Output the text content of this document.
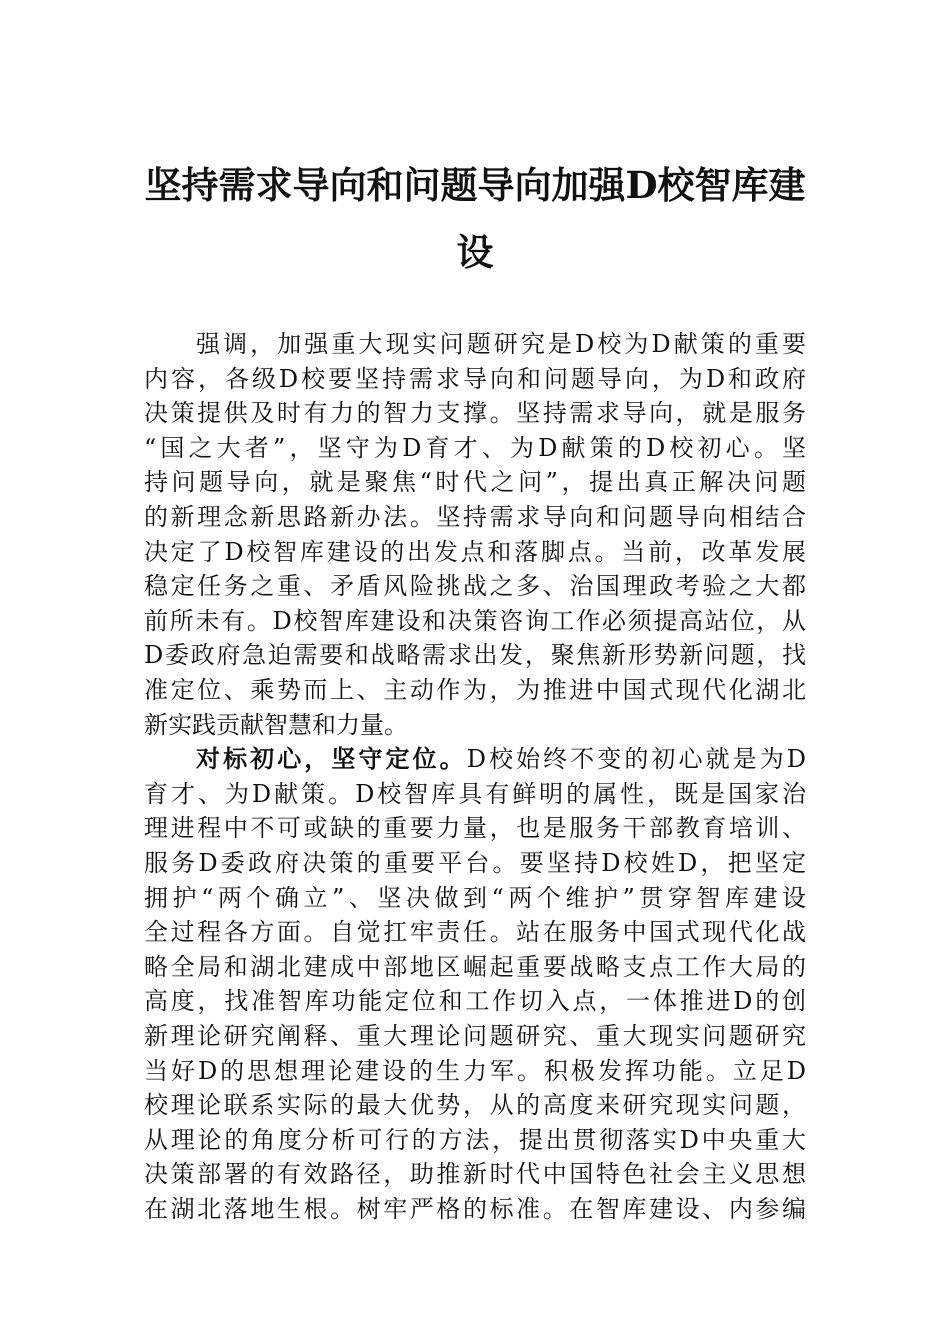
坚持需求导向和问题导向加强D校智库建
设
强调，加强重大现实问题研究是D校为D献策的重要
内容，各级D校要坚持需求导向和问题导向，为D和政府
决策提供及时有力的智力支撑。坚持需求导向，就是服务
“国之大者”，坚守为D育才、为D献策的D校初心。坚
持问题导向，就是聚焦“时代之问”，提出真正解决问题
的新理念新思路新办法。坚持需求导向和问题导向相结合
决定了D校智库建设的出发点和落脚点。当前，改革发展
稳定任务之重、矛盾风险挑战之多、治国理政考验之大都
前所未有。D校智库建设和决策咨询工作必须提高站位，从
D委政府急迫需要和战略需求出发，聚焦新形势新问题，找
准定位、乘势而上、主动作为，为推进中国式现代化湖北
新实践贡献智慧和力量。
对标初心，坚守定位。D校始终不变的初心就是为D
育才、为D献策。D校智库具有鲜明的属性，既是国家治
理进程中不可或缺的重要力量，也是服务干部教育培训、
服务D委政府决策的重要平台。要坚持D校姓D，把坚定
拥护“两个确立”、坚决做到“两个维护”贯穿智库建设
全过程各方面。自觉扛牢责任。站在服务中国式现代化战
略全局和湖北建成中部地区崛起重要战略支点工作大局的
高度，找准智库功能定位和工作切入点，一体推进D的创
新理论研究阐释、重大理论问题研究、重大现实问题研究
当好D的思想理论建设的生力军。积极发挥功能。立足D
校理论联系实际的最大优势，从的高度来研究现实问题，
从理论的角度分析可行的方法，提出贯彻落实D中央重大
决策部署的有效路径，助推新时代中国特色社会主义思想
在湖北落地生根。树牢严格的标准。在智库建设、内参编
